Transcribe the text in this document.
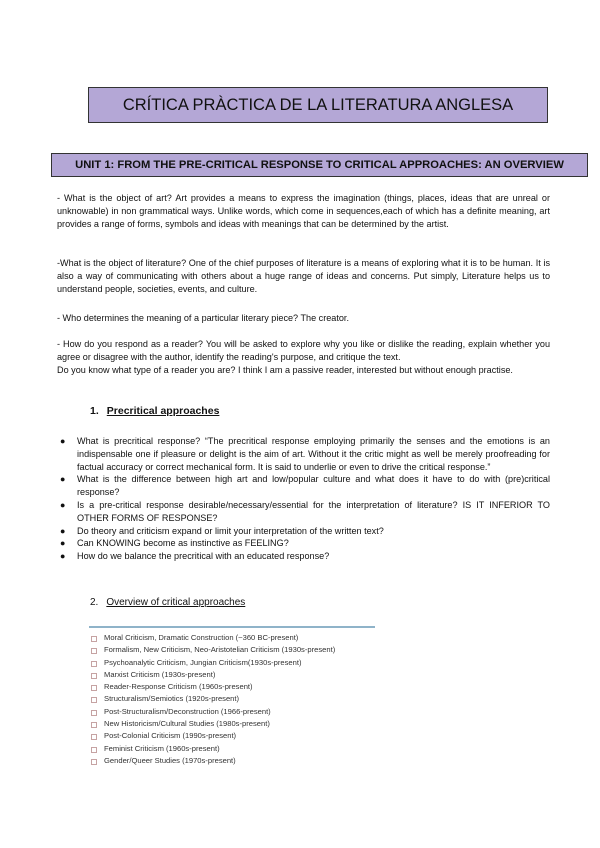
CRÍTICA PRÀCTICA DE LA LITERATURA ANGLESA
UNIT 1: FROM THE PRE-CRITICAL RESPONSE TO CRITICAL APPROACHES: AN OVERVIEW

- What is the object of art? Art provides a means to express the imagination (things, places, ideas that are unreal or unknowable) in non grammatical ways. Unlike words, which come in sequences,each of which has a definite meaning, art provides a range of forms, symbols and ideas with meanings that can be determined by the artist.

-What is the object of literature? One of the chief purposes of literature is a means of exploring what it is to be human. It is also a way of communicating with others about a huge range of ideas and concerns. Put simply, Literature helps us to understand people, societies, events, and culture.

- Who determines the meaning of a particular literary piece? The creator.

- How do you respond as a reader? You will be asked to explore why you like or dislike the reading, explain whether you agree or disagree with the author, identify the reading's purpose, and critique the text.
Do you know what type of a reader you are? I think I am a passive reader, interested but without enough practise.

1. Precritical approaches
● What is precritical response? “The precritical response employing primarily the senses and the emotions is an indispensable one if pleasure or delight is the aim of art. Without it the critic might as well be merely proofreading for factual accuracy or correct mechanical form. It is said to underlie or even to drive the critical response.”
● What is the difference between high art and low/popular culture and what does it have to do with (pre)critical response?
● Is a pre-critical response desirable/necessary/essential for the interpretation of literature? IS IT INFERIOR TO OTHER FORMS OF RESPONSE?
● Do theory and criticism expand or limit your interpretation of the written text?
● Can KNOWING become as instinctive as FEELING?
● How do we balance the precritical with an educated response?
2. Overview of critical approaches
Moral Criticism, Dramatic Construction (~360 BC-present)
Formalism, New Criticism, Neo-Aristotelian Criticism (1930s-present)
Psychoanalytic Criticism, Jungian Criticism(1930s-present)
Marxist Criticism (1930s-present)
Reader-Response Criticism (1960s-present)
Structuralism/Semiotics (1920s-present)
Post-Structuralism/Deconstruction (1966-present)
New Historicism/Cultural Studies (1980s-present)
Post-Colonial Criticism (1990s-present)
Feminist Criticism (1960s-present)
Gender/Queer Studies (1970s-present)
